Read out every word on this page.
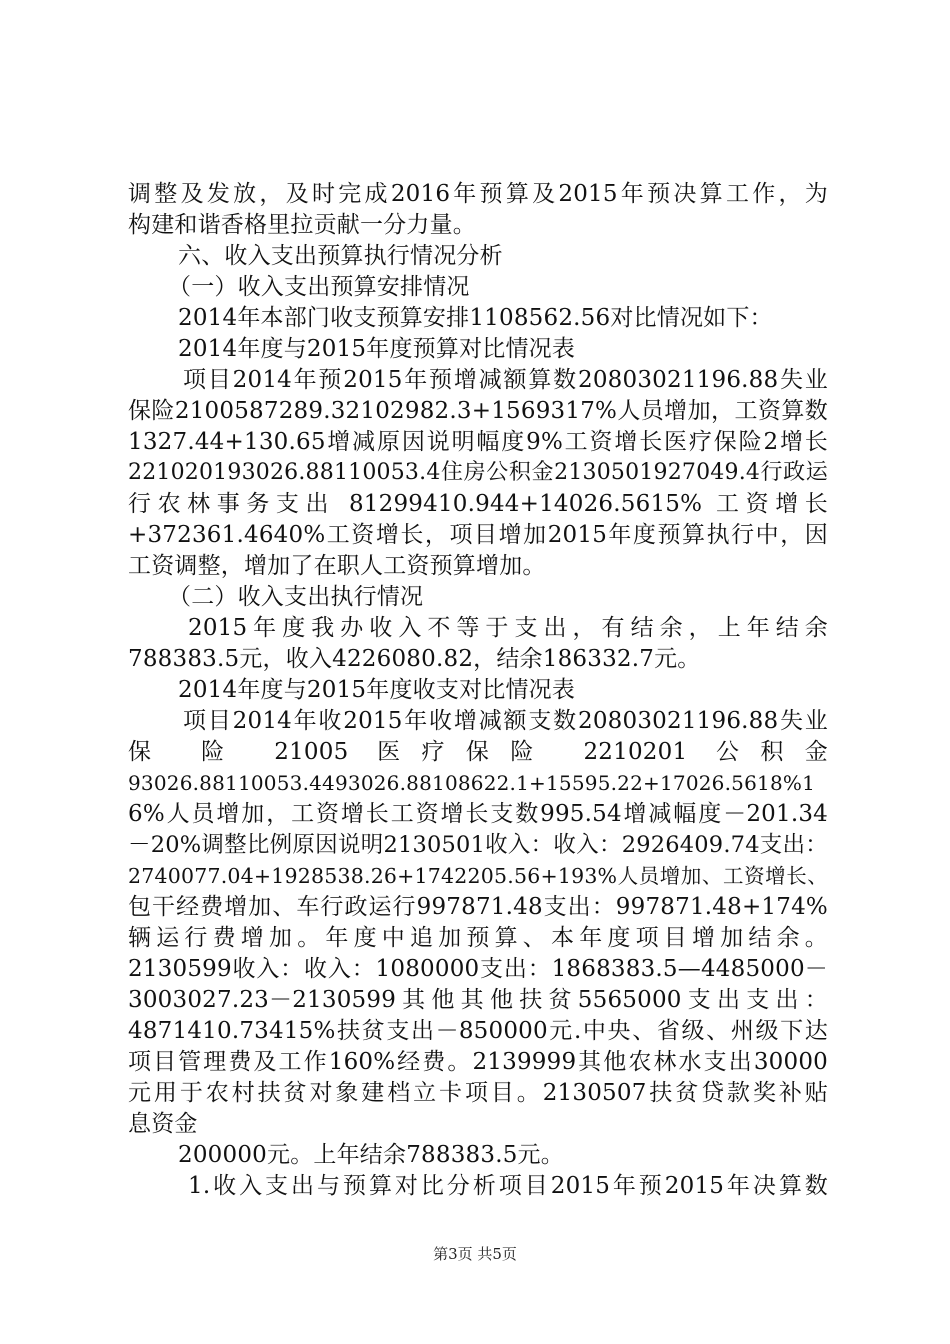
调整及发放，及时完成2016年预算及2015年预决算工作，为
构建和谐香格里拉贡献一分力量。
六、收入支出预算执行情况分析
（一）收入支出预算安排情况
2014年本部门收支预算安排1108562.56对比情况如下：
2014年度与2015年度预算对比情况表
项目2014年预2015年预增减额算数20803021196.88失业
保险2100587289.32102982.3+1569317%人员增加，工资算数
1327.44+130.65增减原因说明幅度9%工资增长医疗保险2增长
221020193026.88110053.4住房公积金2130501927049.4行政运
行农林事务支出 81299410.944+14026.5615% 工资增长
+372361.4640%工资增长，项目增加2015年度预算执行中，因
工资调整，增加了在职人工资预算增加。
（二）收入支出执行情况
2015年度我办收入不等于支出，有结余，上年结余
788383.5元，收入4226080.82，结余186332.7元。
2014年度与2015年度收支对比情况表
项目2014年收2015年收增减额支数20803021196.88失业
保 险 21005 医疗保险 2210201 公积金
93026.88110053.4493026.88108622.1+15595.22+17026.5618%1
6%人员增加，工资增长工资增长支数995.54增减幅度－201.34
－20%调整比例原因说明2130501收入：收入：2926409.74支出：
2740077.04+1928538.26+1742205.56+193%人员增加、工资增长、
包干经费增加、车行政运行997871.48支出：997871.48+174%
辆运行费增加。年度中追加预算、本年度项目增加结余。
2130599收入：收入：1080000支出：1868383.5—4485000－
3003027.23－2130599其他其他扶贫5565000支出支出：
4871410.73415%扶贫支出－850000元.中央、省级、州级下达
项目管理费及工作160%经费。2139999其他农林水支出30000
元用于农村扶贫对象建档立卡项目。2130507扶贫贷款奖补贴
息资金
200000元。上年结余788383.5元。
1.收入支出与预算对比分析项目2015年预2015年决算数
第3页 共5页
